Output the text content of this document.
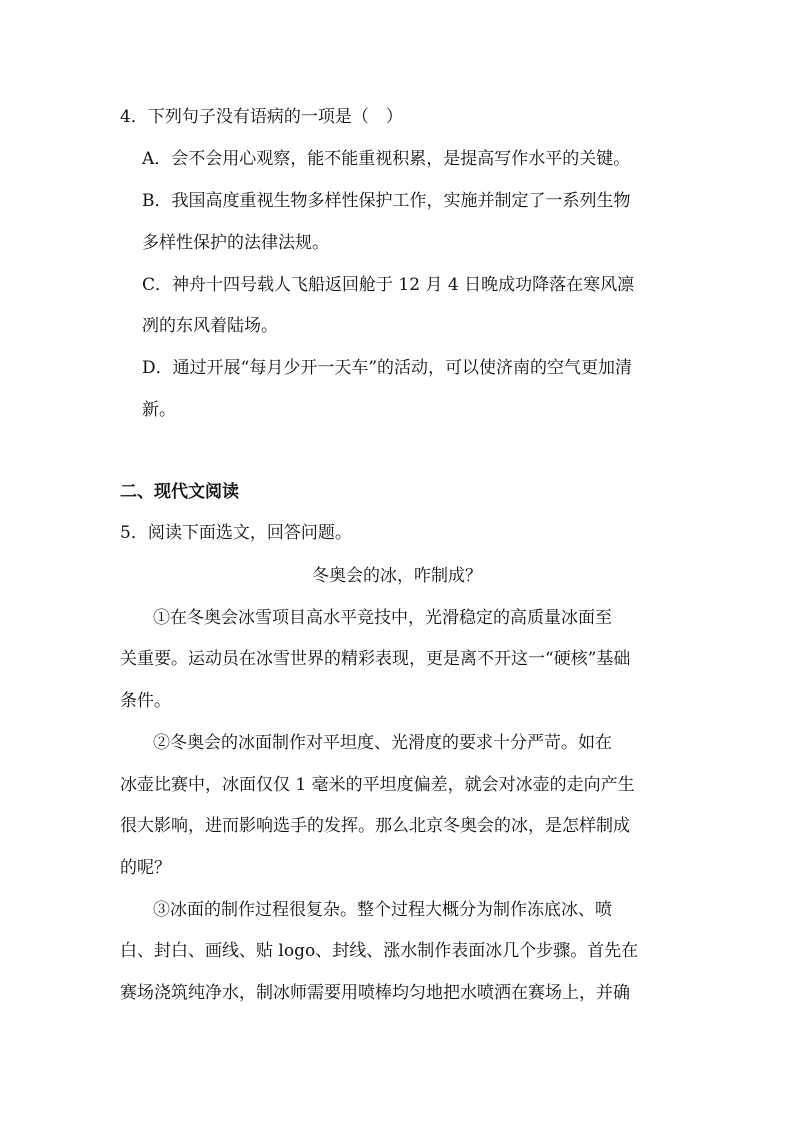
4．下列句子没有语病的一项是（　）
A．会不会用心观察，能不能重视积累，是提高写作水平的关键。
B．我国高度重视生物多样性保护工作，实施并制定了一系列生物
多样性保护的法律法规。
C．神舟十四号载人飞船返回舱于 12 月 4 日晚成功降落在寒风凛
冽的东风着陆场。
D．通过开展“每月少开一天车”的活动，可以使济南的空气更加清
新。
二、现代文阅读
5．阅读下面选文，回答问题。
冬奥会的冰，咋制成？
①在冬奥会冰雪项目高水平竞技中，光滑稳定的高质量冰面至
关重要。运动员在冰雪世界的精彩表现，更是离不开这一“硬核”基础
条件。
②冬奥会的冰面制作对平坦度、光滑度的要求十分严苛。如在
冰壶比赛中，冰面仅仅 1 毫米的平坦度偏差，就会对冰壶的走向产生
很大影响，进而影响选手的发挥。那么北京冬奥会的冰，是怎样制成
的呢？
③冰面的制作过程很复杂。整个过程大概分为制作冻底冰、喷
白、封白、画线、贴 logo、封线、涨水制作表面冰几个步骤。首先在
赛场浇筑纯净水，制冰师需要用喷棒均匀地把水喷洒在赛场上，并确
